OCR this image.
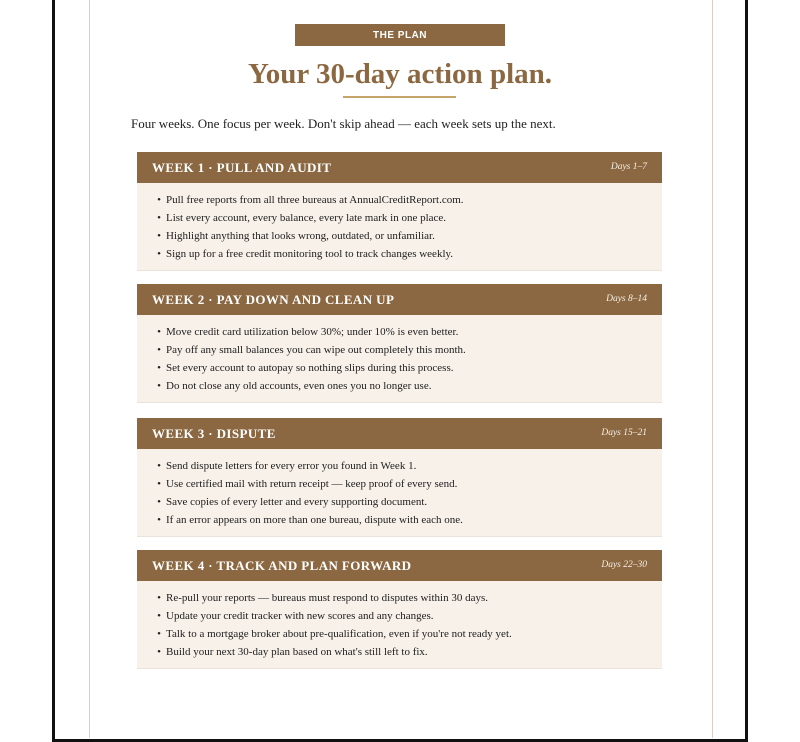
THE PLAN
Your 30-day action plan.
Four weeks. One focus per week. Don't skip ahead — each week sets up the next.
WEEK 1 · PULL AND AUDIT	Days 1–7
• Pull free reports from all three bureaus at AnnualCreditReport.com.
• List every account, every balance, every late mark in one place.
• Highlight anything that looks wrong, outdated, or unfamiliar.
• Sign up for a free credit monitoring tool to track changes weekly.
WEEK 2 · PAY DOWN AND CLEAN UP	Days 8–14
• Move credit card utilization below 30%; under 10% is even better.
• Pay off any small balances you can wipe out completely this month.
• Set every account to autopay so nothing slips during this process.
• Do not close any old accounts, even ones you no longer use.
WEEK 3 · DISPUTE	Days 15–21
• Send dispute letters for every error you found in Week 1.
• Use certified mail with return receipt — keep proof of every send.
• Save copies of every letter and every supporting document.
• If an error appears on more than one bureau, dispute with each one.
WEEK 4 · TRACK AND PLAN FORWARD	Days 22–30
• Re-pull your reports — bureaus must respond to disputes within 30 days.
• Update your credit tracker with new scores and any changes.
• Talk to a mortgage broker about pre-qualification, even if you're not ready yet.
• Build your next 30-day plan based on what's still left to fix.
